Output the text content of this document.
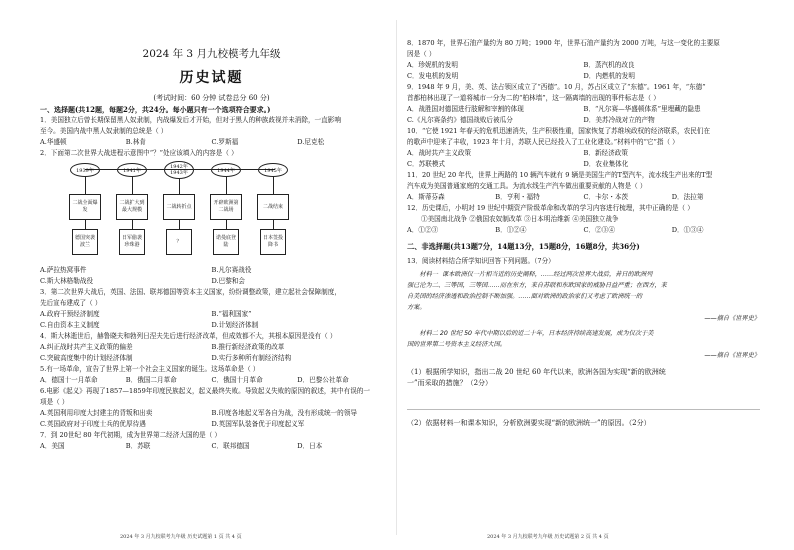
2024 年 3 月九校模考九年级
历史试题
(考试时间：60 分钟 试卷总分 60 分)
一、选择题(共12题，每题2分，共24分。每小题只有一个选项符合要求。)
1．美国独立后曾长期保留黑人奴隶制，内战爆发后才开始，但对于黑人的种族歧视并未消除，一直影响
至今。美国内战中黑人奴隶制的总统是（ ）
A.华盛顿	B.林肯	C.罗斯福	D.尼克松
2．下面第二次世界大战进程示意图中“？”处应该填入的内容是（ ）
1939年	1941年
1942年
1943年	1944年	1945年
二战全面爆发
二战扩大到最大规模
二战转折点
开辟欧洲第二战场
二战结束
德国突袭波兰
日军偷袭珍珠港
？
诺曼底登陆
日本签投降书
A.萨拉热窝事件	B.凡尔赛战役
C.斯大林格勒战役	D.巴黎和会
3．第二次世界大战后，英国、法国、联邦德国等资本主义国家，纷纷调整政策，建立起社会保障制度，
先后宣布建成了（ ）
A.政府干预经济制度	B.“福利国家”
C.自由资本主义制度	D.计划经济体制
4．斯大林逝世后，赫鲁晓夫和勃列日涅夫先后进行经济改革，但成效都不大，其根本原因是没有（ ）
A.纠正战时共产主义政策的偏差	B.推行新经济政策的改革
C.突破高度集中的计划经济体制	D.实行多种所有制经济结构
5.有一场革命，宣告了世界上第一个社会主义国家的诞生。这场革命是（ ）
A．德国十一月革命	B．俄国二月革命	C．俄国十月革命	D．巴黎公社革命
6.电影《起义》再现了1857—1859年印度民族起义，起义最终失败。导致起义失败的原因的叙述，其中有误的一
项是（ ）
A.英国利用印度大封建主的背叛和出卖	B.印度各地起义军各自为战，没有形成统一的领导
C.英国政府对于印度士兵的优厚待遇	D.英国军队装备优于印度起义军
7．到 20世纪 80 年代初期，成为世界第二经济大国的是（ ）
A．美国	B．苏联	C．联邦德国	D．日本
2024 年 3 月九校联考九年级 历史试题第 1 页 共 4 页
8．1870 年，世界石油产量约为 80 万吨；1900 年，世界石油产量约为 2000 万吨，与这一变化的主要原
因是（ ）
A．珍妮机的发明	B．蒸汽机的改良
C．发电机的发明	D．内燃机的发明
9．1948 年 9 月，美、英、法占领区成立了“西德”。10 月，苏占区成立了“东德”。1961 年，“东德”
首都柏林出现了一道将城市一分为二的“柏林墙”，这一隔离墙的出现的事件标志是（ ）
A．战胜国对德国进行肢解和宰割的体现	B．“凡尔赛—华盛顿体系”里埋藏的隐患
C.《凡尔赛条约》德国战败后被瓜分	D．美苏冷战对立的产物
10．“它使 1921 年春天的危机迅速消失，生产积极性重，国家恢复了苏维埃政权的经济联系，农民们在
的歌声中迎来了丰收，1923 年十月，苏联人民已经投入了工业化建设。”材料中的“它”指（ ）
A．战时共产主义政策	B．新经济政策
C．苏联模式	D．农业集体化
11．20 世纪 20 年代，世界上两路的 10 辆汽车就有 9 辆是美国生产的T型汽车，流水线生产出来的T型
汽车成为美国普通家庭的交通工具。为流水线生产汽车做出重要贡献的人物是（ ）
A．斯蒂芬森	B．亨利・福特	C．卡尔・本茨	D．法拉第
12．历史课后，小明对 19 世纪中期资产阶级革命和改革的学习内容进行梳理，其中正确的是（ ）
①美国南北战争 ②俄国农奴制改革 ③日本明治维新 ④美国独立战争
A．①②③	B．①②④	C．②③④	D．①③④
二、非选择题(共13题7分，14题13分，15题8分，16题8分，共36分)
13．阅读材料结合所学知识回答下列问题。（7分）
材料一 课本欧洲仅一片相当近的历史阐释，……经过两次世界大战后，昔日的欧洲列
强已沦为二、三等国，三等国……而在东方，来自苏联和东欧国家的威胁日益严重；在西方，来
自美国的经济渗透和政治控制不断加强。……面对欧洲的政治家们又考虑了欧洲统一的
方案。
——摘自《世界史》
材料二 20 世纪 50 年代中期以后的近二十年，日本经济持续高速发展，成为仅次于美
国的世界第二号资本主义经济大国。
——摘自《世界史》
（1）根据所学知识，指出二战 20 世纪 60 年代以来，欧洲各国为实现“新的欧洲统
一”而采取的措施？（2分）
（2）依据材料一和课本知识，分析欧洲要实现“新的欧洲统一”的原因。（2分）
2024 年 3 月九校联考九年级 历史试题第 2 页 共 4 页
